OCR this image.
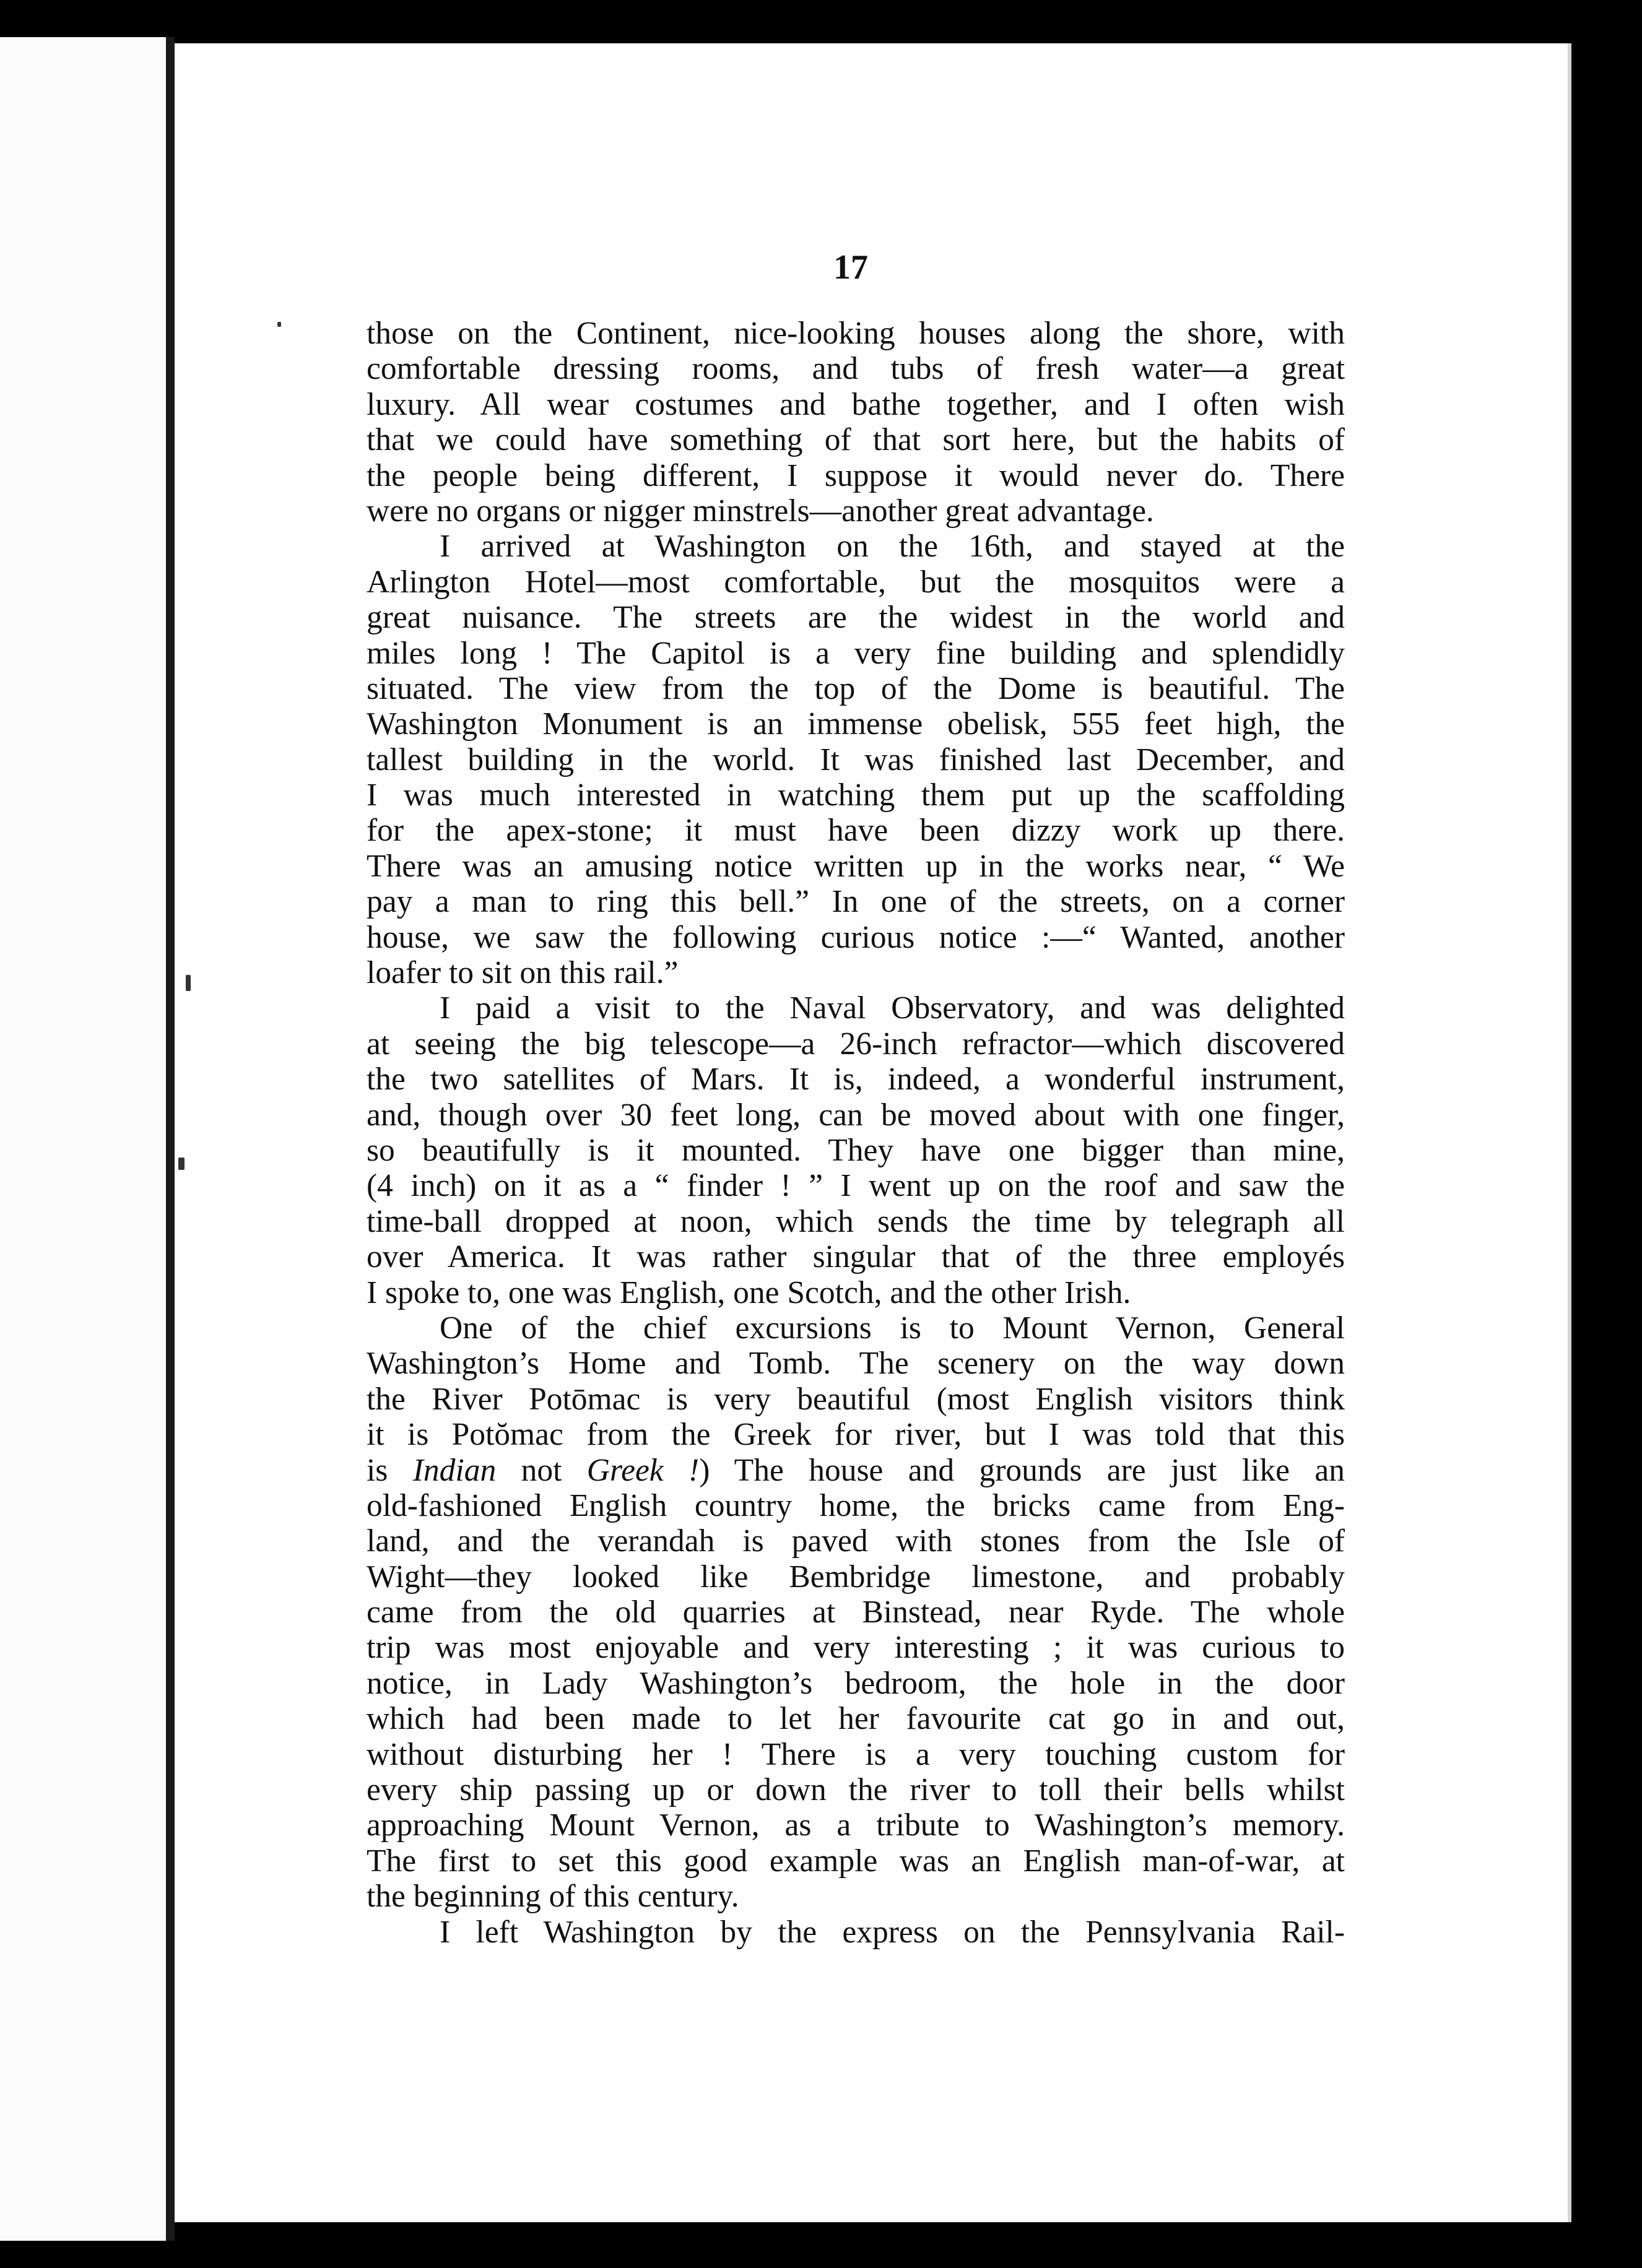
17
those on the Continent, nice-looking houses along the shore, with
comfortable dressing rooms, and tubs of fresh water—a great
luxury. All wear costumes and bathe together, and I often wish
that we could have something of that sort here, but the habits of
the people being different, I suppose it would never do. There
were no organs or nigger minstrels—another great advantage.
I arrived at Washington on the 16th, and stayed at the
Arlington Hotel—most comfortable, but the mosquitos were a
great nuisance. The streets are the widest in the world and
miles long ! The Capitol is a very fine building and splendidly
situated. The view from the top of the Dome is beautiful. The
Washington Monument is an immense obelisk, 555 feet high, the
tallest building in the world. It was finished last December, and
I was much interested in watching them put up the scaffolding
for the apex-stone; it must have been dizzy work up there.
There was an amusing notice written up in the works near, “ We
pay a man to ring this bell.” In one of the streets, on a corner
house, we saw the following curious notice :—“ Wanted, another
loafer to sit on this rail.”
I paid a visit to the Naval Observatory, and was delighted
at seeing the big telescope—a 26-inch refractor—which discovered
the two satellites of Mars. It is, indeed, a wonderful instrument,
and, though over 30 feet long, can be moved about with one finger,
so beautifully is it mounted. They have one bigger than mine,
(4 inch) on it as a “ finder ! ” I went up on the roof and saw the
time-ball dropped at noon, which sends the time by telegraph all
over America. It was rather singular that of the three employés
I spoke to, one was English, one Scotch, and the other Irish.
One of the chief excursions is to Mount Vernon, General
Washington’s Home and Tomb. The scenery on the way down
the River Potōmac is very beautiful (most English visitors think
it is Potŏmac from the Greek for river, but I was told that this
is Indian not Greek !) The house and grounds are just like an
old-fashioned English country home, the bricks came from Eng-
land, and the verandah is paved with stones from the Isle of
Wight—they looked like Bembridge limestone, and probably
came from the old quarries at Binstead, near Ryde. The whole
trip was most enjoyable and very interesting ; it was curious to
notice, in Lady Washington’s bedroom, the hole in the door
which had been made to let her favourite cat go in and out,
without disturbing her ! There is a very touching custom for
every ship passing up or down the river to toll their bells whilst
approaching Mount Vernon, as a tribute to Washington’s memory.
The first to set this good example was an English man-of-war, at
the beginning of this century.
I left Washington by the express on the Pennsylvania Rail-
